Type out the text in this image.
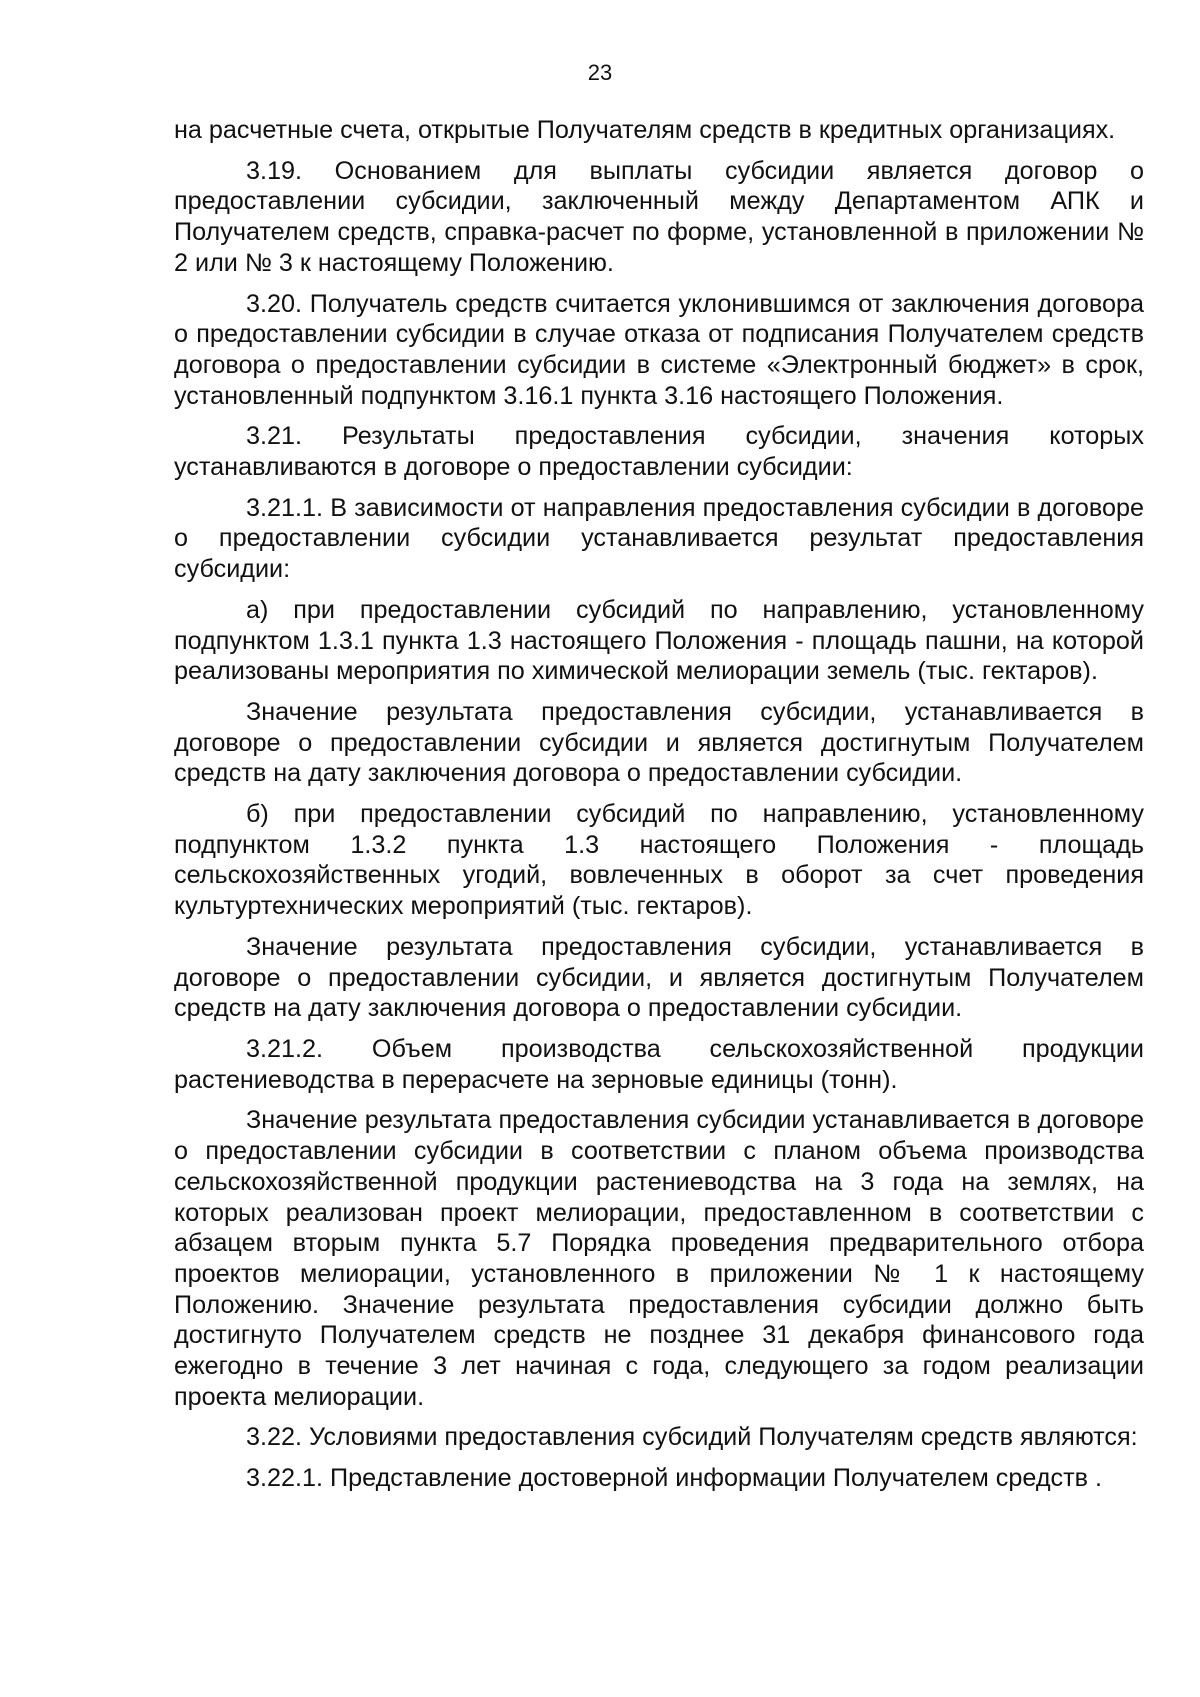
23

на расчетные счета, открытые Получателям средств в кредитных организациях.

3.19. Основанием для выплаты субсидии является договор о предоставлении субсидии, заключенный между Департаментом АПК и Получателем средств, справка-расчет по форме, установленной в приложении № 2 или № 3 к настоящему Положению.

3.20. Получатель средств считается уклонившимся от заключения договора о предоставлении субсидии в случае отказа от подписания Получателем средств договора о предоставлении субсидии в системе «Электронный бюджет» в срок, установленный подпунктом 3.16.1 пункта 3.16 настоящего Положения.

3.21. Результаты предоставления субсидии, значения которых устанавливаются в договоре о предоставлении субсидии:

3.21.1. В зависимости от направления предоставления субсидии в договоре о предоставлении субсидии устанавливается результат предоставления субсидии:

а) при предоставлении субсидий по направлению, установленному подпунктом 1.3.1 пункта 1.3 настоящего Положения - площадь пашни, на которой реализованы мероприятия по химической мелиорации земель (тыс. гектаров).

Значение результата предоставления субсидии, устанавливается в договоре о предоставлении субсидии и является достигнутым Получателем средств на дату заключения договора о предоставлении субсидии.

б) при предоставлении субсидий по направлению, установленному подпунктом 1.3.2 пункта 1.3 настоящего Положения - площадь сельскохозяйственных угодий, вовлеченных в оборот за счет проведения культуртехнических мероприятий (тыс. гектаров).

Значение результата предоставления субсидии, устанавливается в договоре о предоставлении субсидии, и является достигнутым Получателем средств на дату заключения договора о предоставлении субсидии.

3.21.2. Объем производства сельскохозяйственной продукции растениеводства в перерасчете на зерновые единицы (тонн).

Значение результата предоставления субсидии устанавливается в договоре о предоставлении субсидии в соответствии с планом объема производства сельскохозяйственной продукции растениеводства на 3 года на землях, на которых реализован проект мелиорации, предоставленном в соответствии с абзацем вторым пункта 5.7 Порядка проведения предварительного отбора проектов мелиорации, установленного в приложении № 1 к настоящему Положению. Значение результата предоставления субсидии должно быть достигнуто Получателем средств не позднее 31 декабря финансового года ежегодно в течение 3 лет начиная с года, следующего за годом реализации проекта мелиорации.

3.22. Условиями предоставления субсидий Получателям средств являются:

3.22.1. Представление достоверной информации Получателем средств .
